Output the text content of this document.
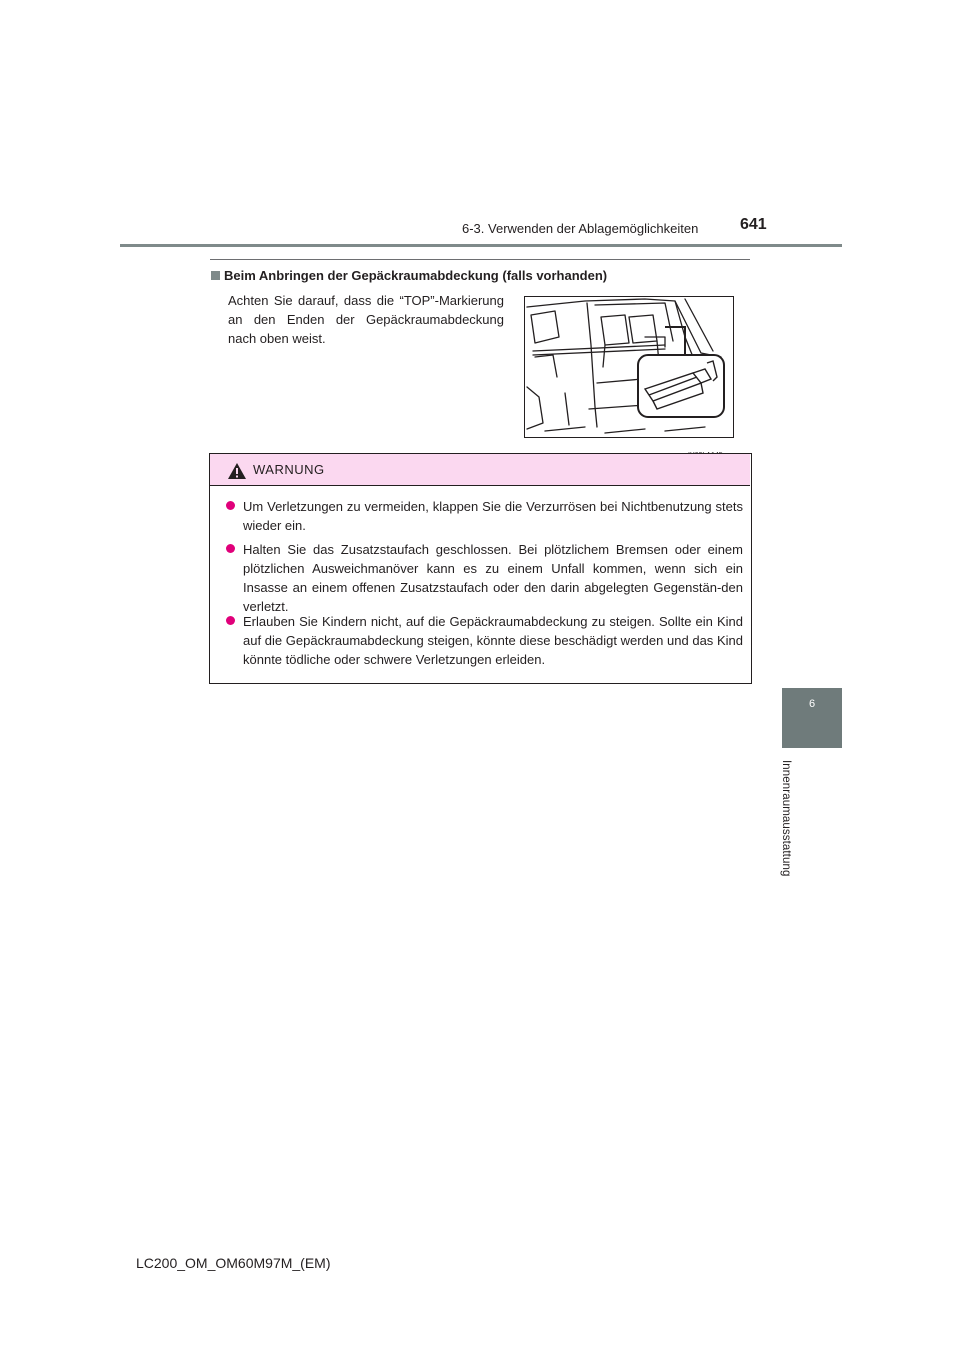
6-3. Verwenden der Ablagemöglichkeiten	641
6
Innenraumausstattung
Beim Anbringen der Gepäckraumabdeckung (falls vorhanden)
Achten Sie darauf, dass die “TOP”-Markierung an den Enden der Gepäckraumabdeckung nach oben weist.
WARNUNG
Um Verletzungen zu vermeiden, klappen Sie die Verzurrösen bei Nichtbenutzung stets wieder ein.
Halten Sie das Zusatzstaufach geschlossen. Bei plötzlichem Bremsen oder einem plötzlichen Ausweichmanöver kann es zu einem Unfall kommen, wenn sich ein Insasse an einem offenen Zusatzstaufach oder den darin abgelegten Gegenstän-den verletzt.
Erlauben Sie Kindern nicht, auf die Gepäckraumabdeckung zu steigen. Sollte ein Kind auf die Gepäckraumabdeckung steigen, könnte diese beschädigt werden und das Kind könnte tödliche oder schwere Verletzungen erleiden.
LC200_OM_OM60M97M_(EM)
